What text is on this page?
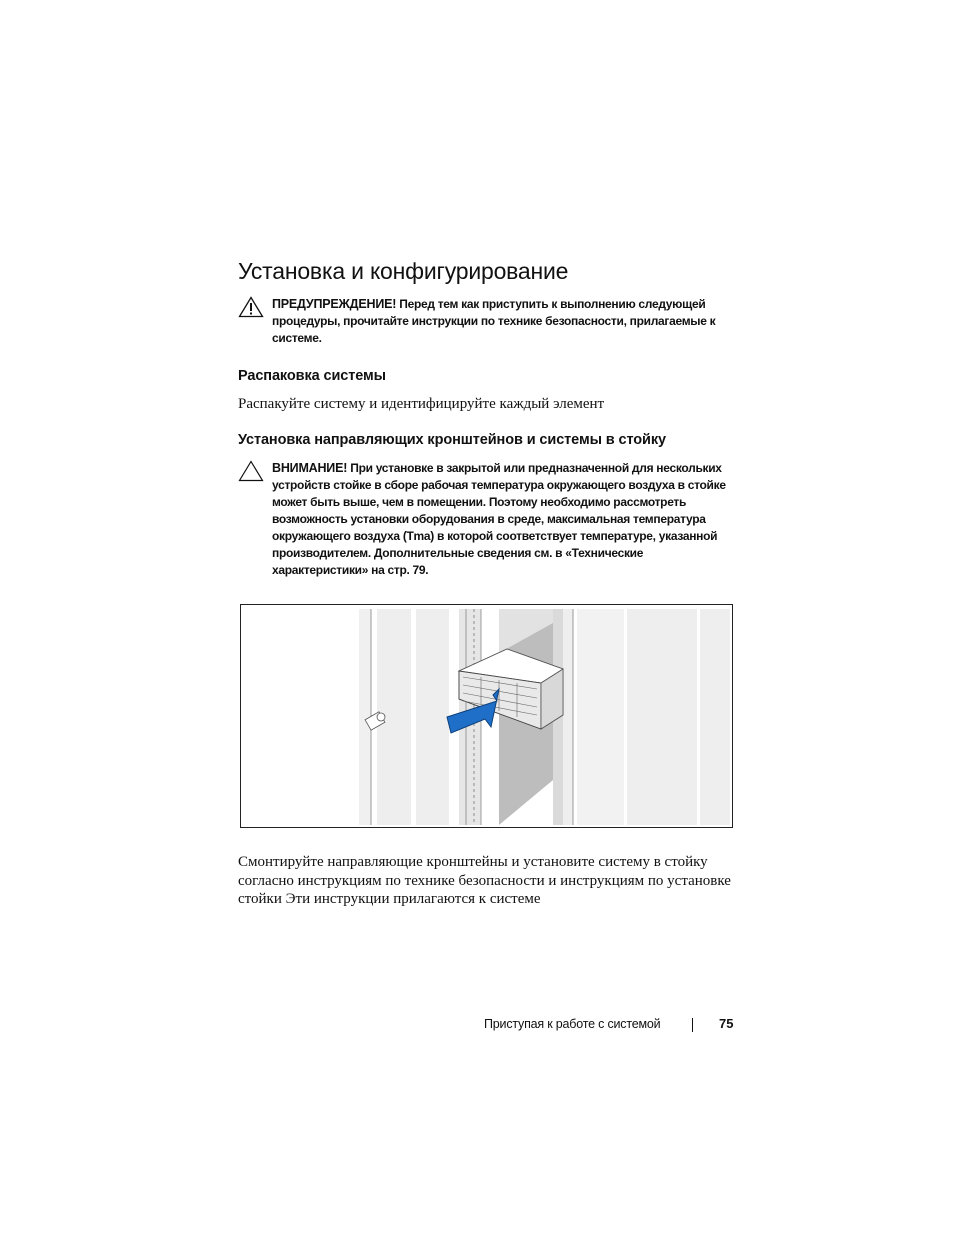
Установка и конфигурирование
ПРЕДУПРЕЖДЕНИЕ! Перед тем как приступить к выполнению следующей процедуры, прочитайте инструкции по технике безопасности, прилагаемые к системе.
Распаковка системы

Распакуйте систему и идентифицируйте каждый элемент

Установка направляющих кронштейнов и системы в стойку
ВНИМАНИЕ! При установке в закрытой или предназначенной для нескольких устройств стойке в сборе рабочая температура окружающего воздуха в стойке может быть выше, чем в помещении. Поэтому необходимо рассмотреть возможность установки оборудования в среде, максимальная температура окружающего воздуха (Tma) в которой соответствует температуре, указанной производителем. Дополнительные сведения см. в «Технические характеристики» на стр. 79.

Смонтируйте направляющие кронштейны и установите систему в стойку согласно инструкциям по технике безопасности и инструкциям по установке стойки Эти инструкции прилагаются к системе

Приступая к работе с системой	75
